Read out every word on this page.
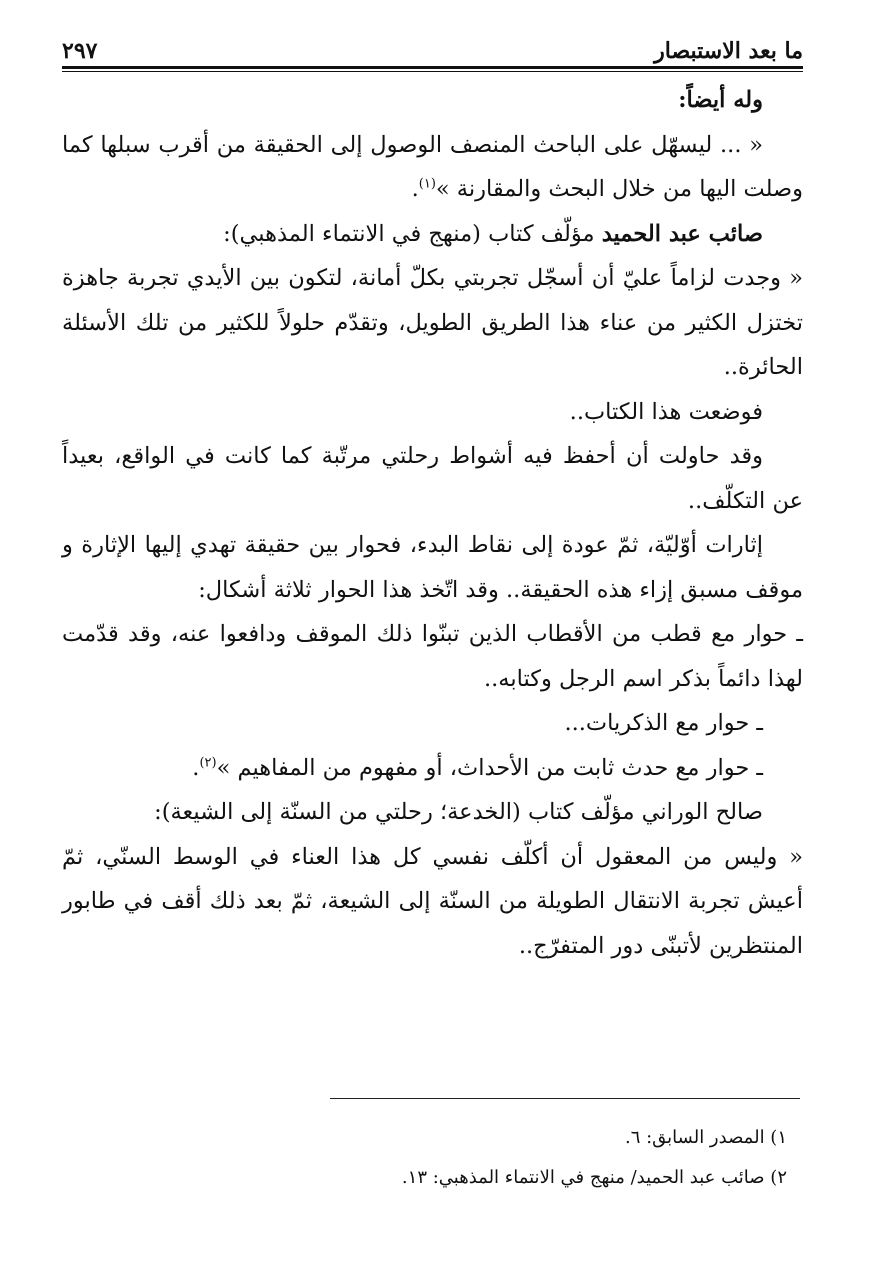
ما بعد الاستبصار
٢٩٧

وله أيضاً:

« ... ليسهّل على الباحث المنصف الوصول إلى الحقيقة من أقرب سبلها كما وصلت اليها من خلال البحث والمقارنة »$^{(١)}$.

صائب عبد الحميد مؤلّف كتاب (منهج في الانتماء المذهبي):

« وجدت لزاماً عليّ أن أسجّل تجربتي بكلّ أمانة، لتكون بين الأيدي تجربة جاهزة تختزل الكثير من عناء هذا الطريق الطويل، وتقدّم حلولاً للكثير من تلك الأسئلة الحائرة..

فوضعت هذا الكتاب..

وقد حاولت أن أحفظ فيه أشواط رحلتي مرتّبة كما كانت في الواقع، بعيداً عن التكلّف..

إثارات أوّليّة، ثمّ عودة إلى نقاط البدء، فحوار بين حقيقة تهدي إليها الإثارة و موقف مسبق إزاء هذه الحقيقة.. وقد اتّخذ هذا الحوار ثلاثة أشكال:

ـ حوار مع قطب من الأقطاب الذين تبنّوا ذلك الموقف ودافعوا عنه، وقد قدّمت لهذا دائماً بذكر اسم الرجل وكتابه..

ـ حوار مع الذكريات...

ـ حوار مع حدث ثابت من الأحداث، أو مفهوم من المفاهيم »$^{(٢)}$.

صالح الوراني مؤلّف كتاب (الخدعة؛ رحلتي من السنّة إلى الشيعة):

« وليس من المعقول أن أكلّف نفسي كل هذا العناء في الوسط السنّي، ثمّ أعيش تجربة الانتقال الطويلة من السنّة إلى الشيعة، ثمّ بعد ذلك أقف في طابور المنتظرين لأتبنّى دور المتفرّج..

١) المصدر السابق: ٦.

٢) صائب عبد الحميد/ منهج في الانتماء المذهبي: ١٣.
